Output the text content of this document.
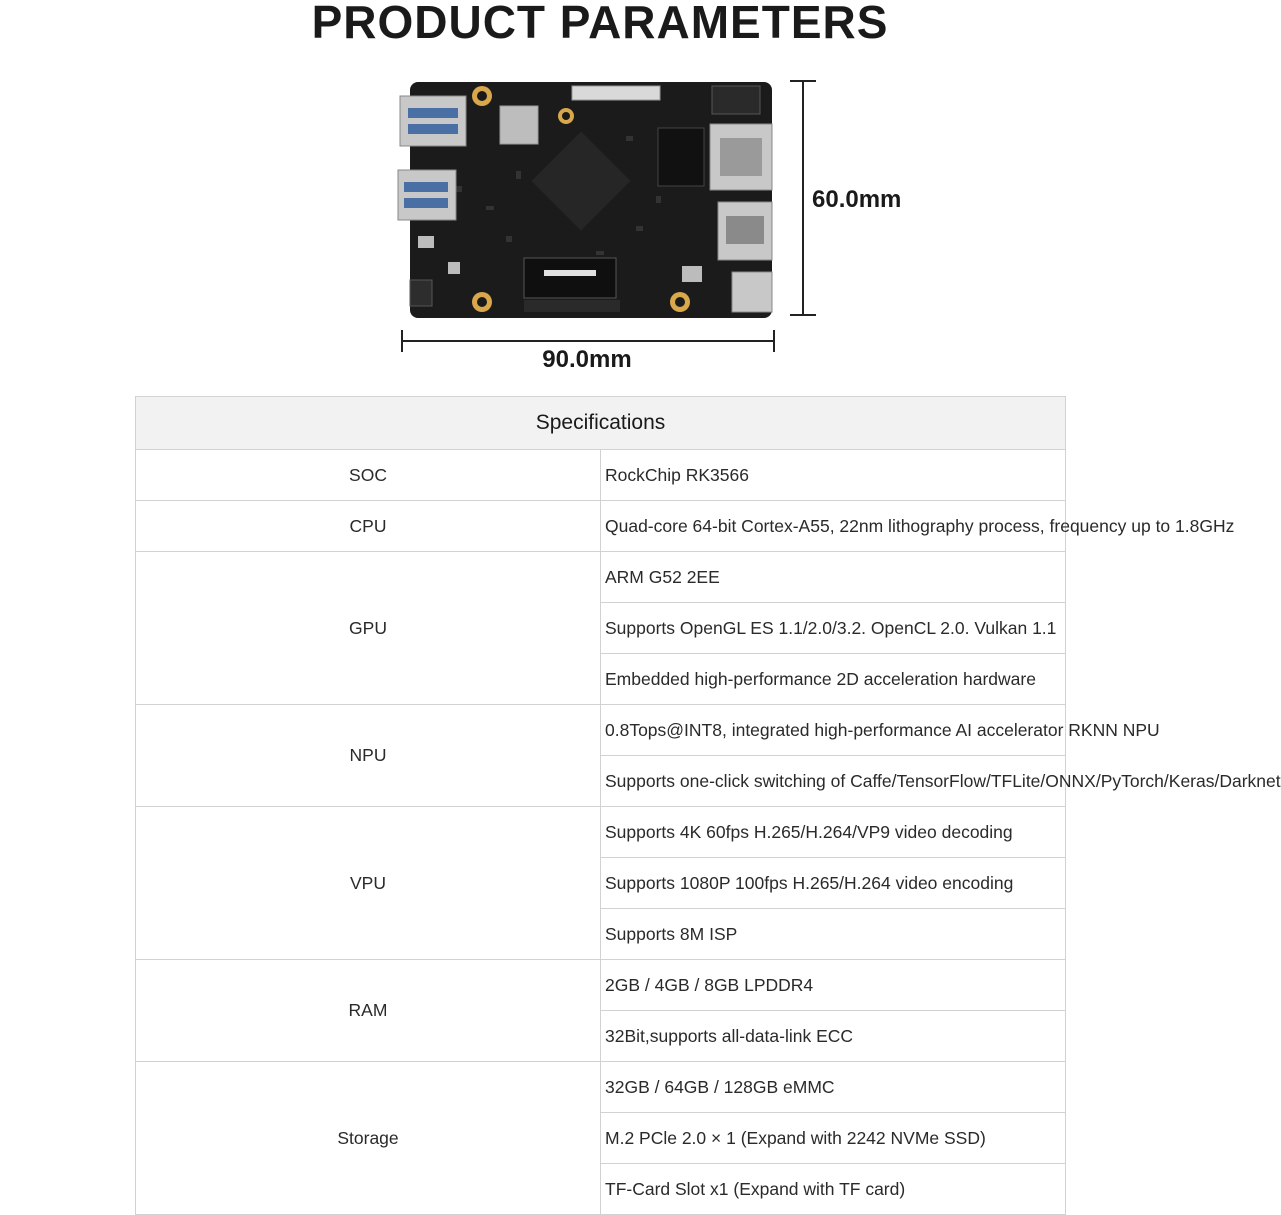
PRODUCT PARAMETERS
60.0mm
90.0mm
Specifications	
SOC	RockChip RK3566
CPU	Quad-core 64-bit Cortex-A55, 22nm lithography process, frequency up to 1.8GHz
GPU	ARM G52 2EE
	Supports OpenGL ES 1.1/2.0/3.2. OpenCL 2.0. Vulkan 1.1
	Embedded high-performance 2D acceleration hardware
NPU	0.8Tops@INT8, integrated high-performance AI accelerator RKNN NPU
	Supports one-click switching of Caffe/TensorFlow/TFLite/ONNX/PyTorch/Keras/Darknet
VPU	Supports 4K 60fps H.265/H.264/VP9 video decoding
	Supports 1080P 100fps H.265/H.264 video encoding
	Supports 8M ISP
RAM	2GB / 4GB / 8GB LPDDR4
	32Bit,supports all-data-link ECC
Storage	32GB / 64GB / 128GB eMMC
	M.2 PCle 2.0 × 1 (Expand with 2242 NVMe SSD)
	TF-Card Slot x1 (Expand with TF card)
